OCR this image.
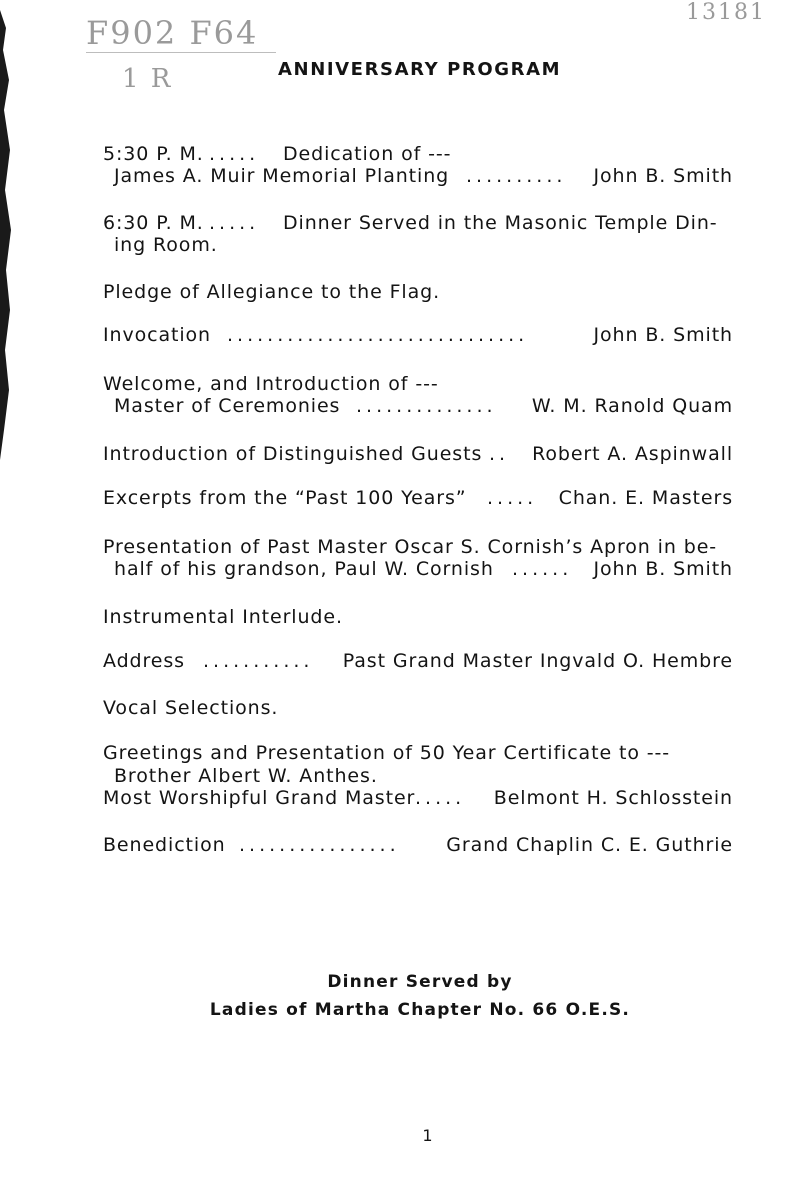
F902 F64
1 R
13181
ANNIVERSARY PROGRAM
5:30 P. M. .....	Dedication of ---
James A. Muir Memorial Planting ..........	John B. Smith
6:30 P. M. .....	Dinner Served in the Masonic Temple Din-
ing Room.
Pledge of Allegiance to the Flag.
Invocation ..............................	John B. Smith
Welcome, and Introduction of ---
Master of Ceremonies ..............	W. M. Ranold Quam
Introduction of Distinguished Guests ..	Robert A. Aspinwall
Excerpts from the “Past 100 Years” .....	Chan. E. Masters
Presentation of Past Master Oscar S. Cornish’s Apron in be-
half of his grandson, Paul W. Cornish ......	John B. Smith
Instrumental Interlude.
Address ...........	Past Grand Master Ingvald O. Hembre
Vocal Selections.
Greetings and Presentation of 50 Year Certificate to ---
Brother Albert W. Anthes.
Most Worshipful Grand Master .....	Belmont H. Schlosstein
Benediction ................	Grand Chaplin C. E. Guthrie
Dinner Served by
Ladies of Martha Chapter No. 66 O.E.S.
1
